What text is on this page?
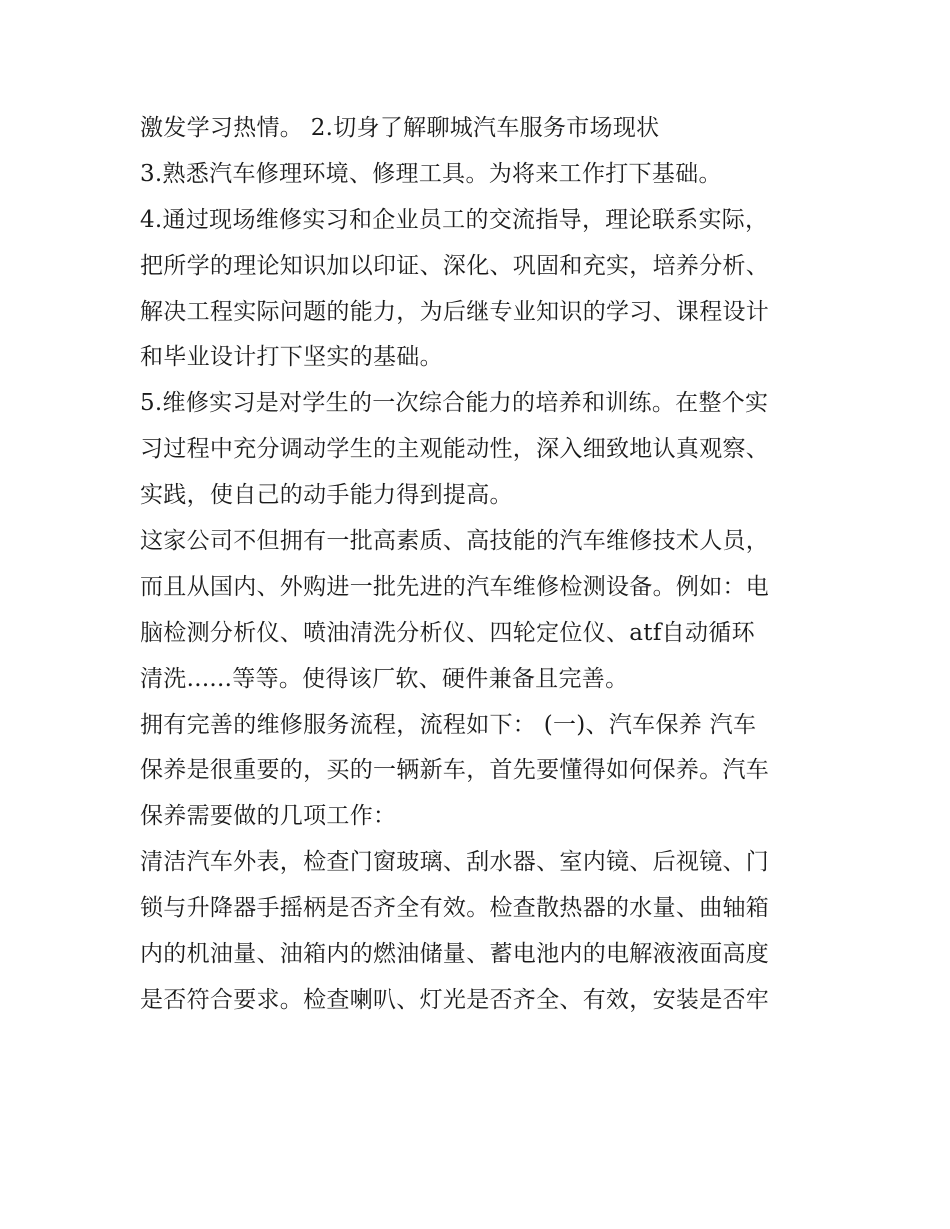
激发学习热情。 2.切身了解聊城汽车服务市场现状
3.熟悉汽车修理环境、修理工具。为将来工作打下基础。
4.通过现场维修实习和企业员工的交流指导，理论联系实际，
把所学的理论知识加以印证、深化、巩固和充实，培养分析、
解决工程实际问题的能力，为后继专业知识的学习、课程设计
和毕业设计打下坚实的基础。
5.维修实习是对学生的一次综合能力的培养和训练。在整个实
习过程中充分调动学生的主观能动性，深入细致地认真观察、
实践，使自己的动手能力得到提高。
这家公司不但拥有一批高素质、高技能的汽车维修技术人员，
而且从国内、外购进一批先进的汽车维修检测设备。例如：电
脑检测分析仪、喷油清洗分析仪、四轮定位仪、atf自动循环
清洗......等等。使得该厂软、硬件兼备且完善。
拥有完善的维修服务流程，流程如下： (一)、汽车保养 汽车
保养是很重要的，买的一辆新车，首先要懂得如何保养。汽车
保养需要做的几项工作：
清洁汽车外表，检查门窗玻璃、刮水器、室内镜、后视镜、门
锁与升降器手摇柄是否齐全有效。检查散热器的水量、曲轴箱
内的机油量、油箱内的燃油储量、蓄电池内的电解液液面高度
是否符合要求。检查喇叭、灯光是否齐全、有效，安装是否牢
